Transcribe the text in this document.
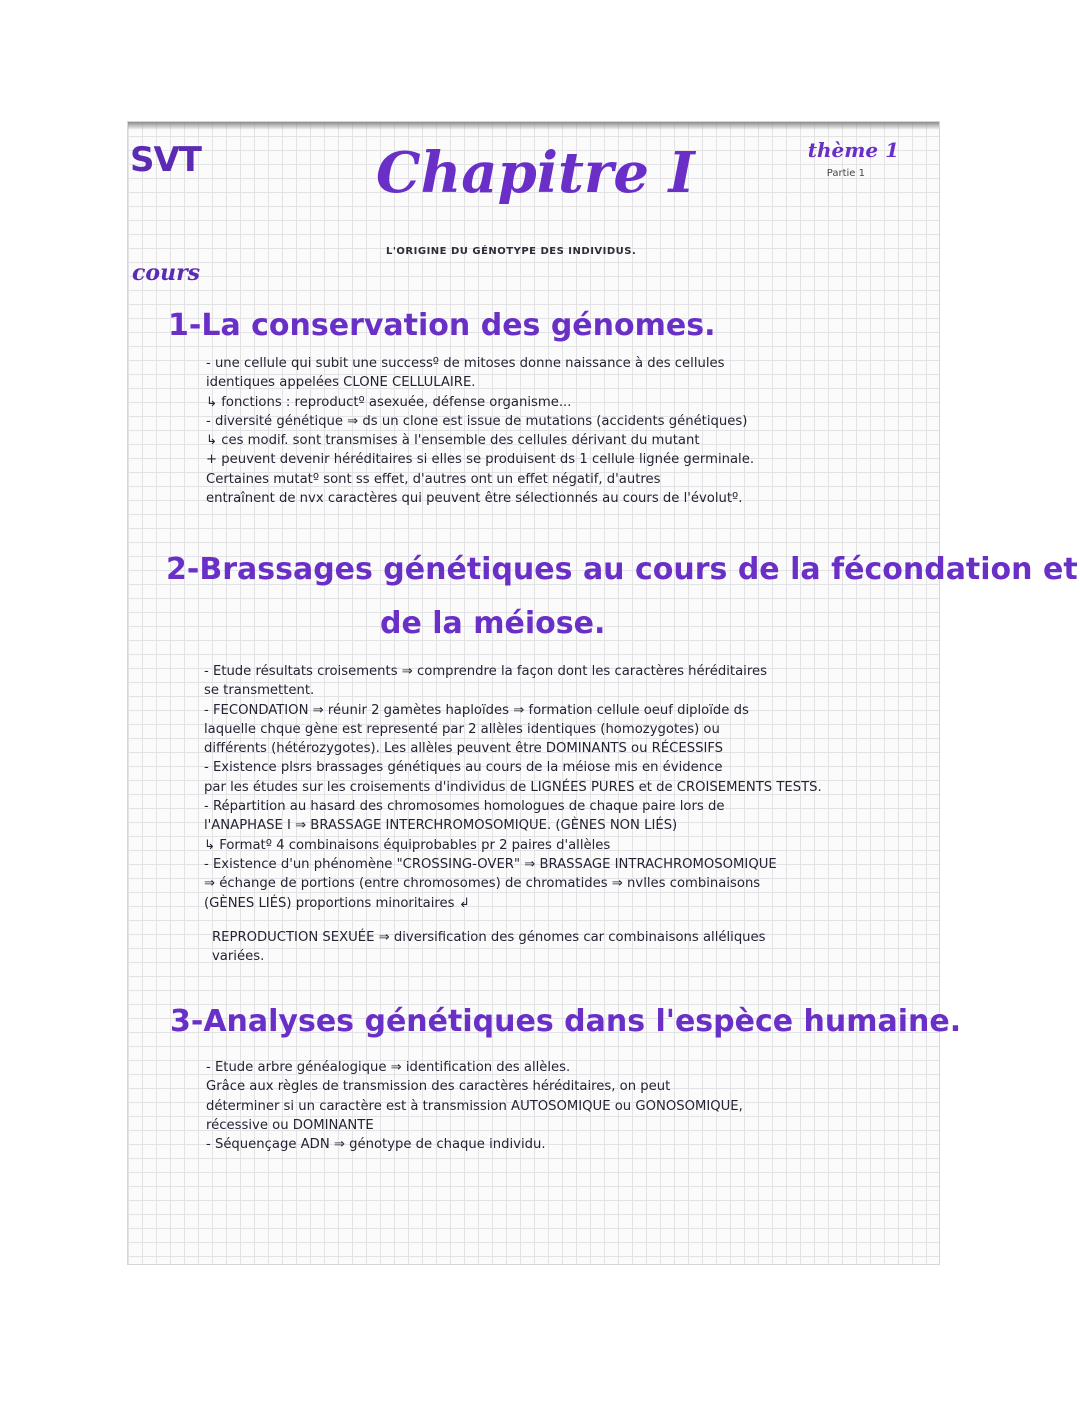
SVT	Chapitre I	thème 1
Partie 1
L'ORIGINE DU GÉNOTYPE DES INDIVIDUS.
cours
1-La conservation des génomes.

- une cellule qui subit une successº de mitoses donne naissance à des cellules

identiques appelées CLONE CELLULAIRE.

↳ fonctions : reproductº asexuée, défense organisme...

- diversité génétique ⇒ ds un clone est issue de mutations (accidents génétiques)

↳ ces modif. sont transmises à l'ensemble des cellules dérivant du mutant

+ peuvent devenir héréditaires si elles se produisent ds 1 cellule lignée germinale.

Certaines mutatº sont ss effet, d'autres ont un effet négatif, d'autres

entraînent de nvx caractères qui peuvent être sélectionnés au cours de l'évolutº.

2-Brassages génétiques au cours de la fécondation et
de la méiose.

- Etude résultats croisements ⇒ comprendre la façon dont les caractères héréditaires

se transmettent.

- FECONDATION ⇒ réunir 2 gamètes haploïdes ⇒ formation cellule oeuf diploïde ds

laquelle chque gène est representé par 2 allèles identiques (homozygotes) ou

différents (hétérozygotes). Les allèles peuvent être DOMINANTS ou RÉCESSIFS

- Existence plsrs brassages génétiques au cours de la méiose mis en évidence

par les études sur les croisements d'individus de LIGNÉES PURES et de CROISEMENTS TESTS.

- Répartition au hasard des chromosomes homologues de chaque paire lors de

l'ANAPHASE I ⇒ BRASSAGE INTERCHROMOSOMIQUE. (GÈNES NON LIÉS)

↳ Formatº 4 combinaisons équiprobables pr 2 paires d'allèles

- Existence d'un phénomène "CROSSING-OVER" ⇒ BRASSAGE INTRACHROMOSOMIQUE

⇒ échange de portions (entre chromosomes) de chromatides ⇒ nvlles combinaisons

(GÈNES LIÉS) proportions minoritaires ↲

REPRODUCTION SEXUÉE ⇒ diversification des génomes car combinaisons alléliques

variées.

3-Analyses génétiques dans l'espèce humaine.

- Etude arbre généalogique ⇒ identification des allèles.

Grâce aux règles de transmission des caractères héréditaires, on peut

déterminer si un caractère est à transmission AUTOSOMIQUE ou GONOSOMIQUE,

récessive ou DOMINANTE

- Séquençage ADN ⇒ génotype de chaque individu.
